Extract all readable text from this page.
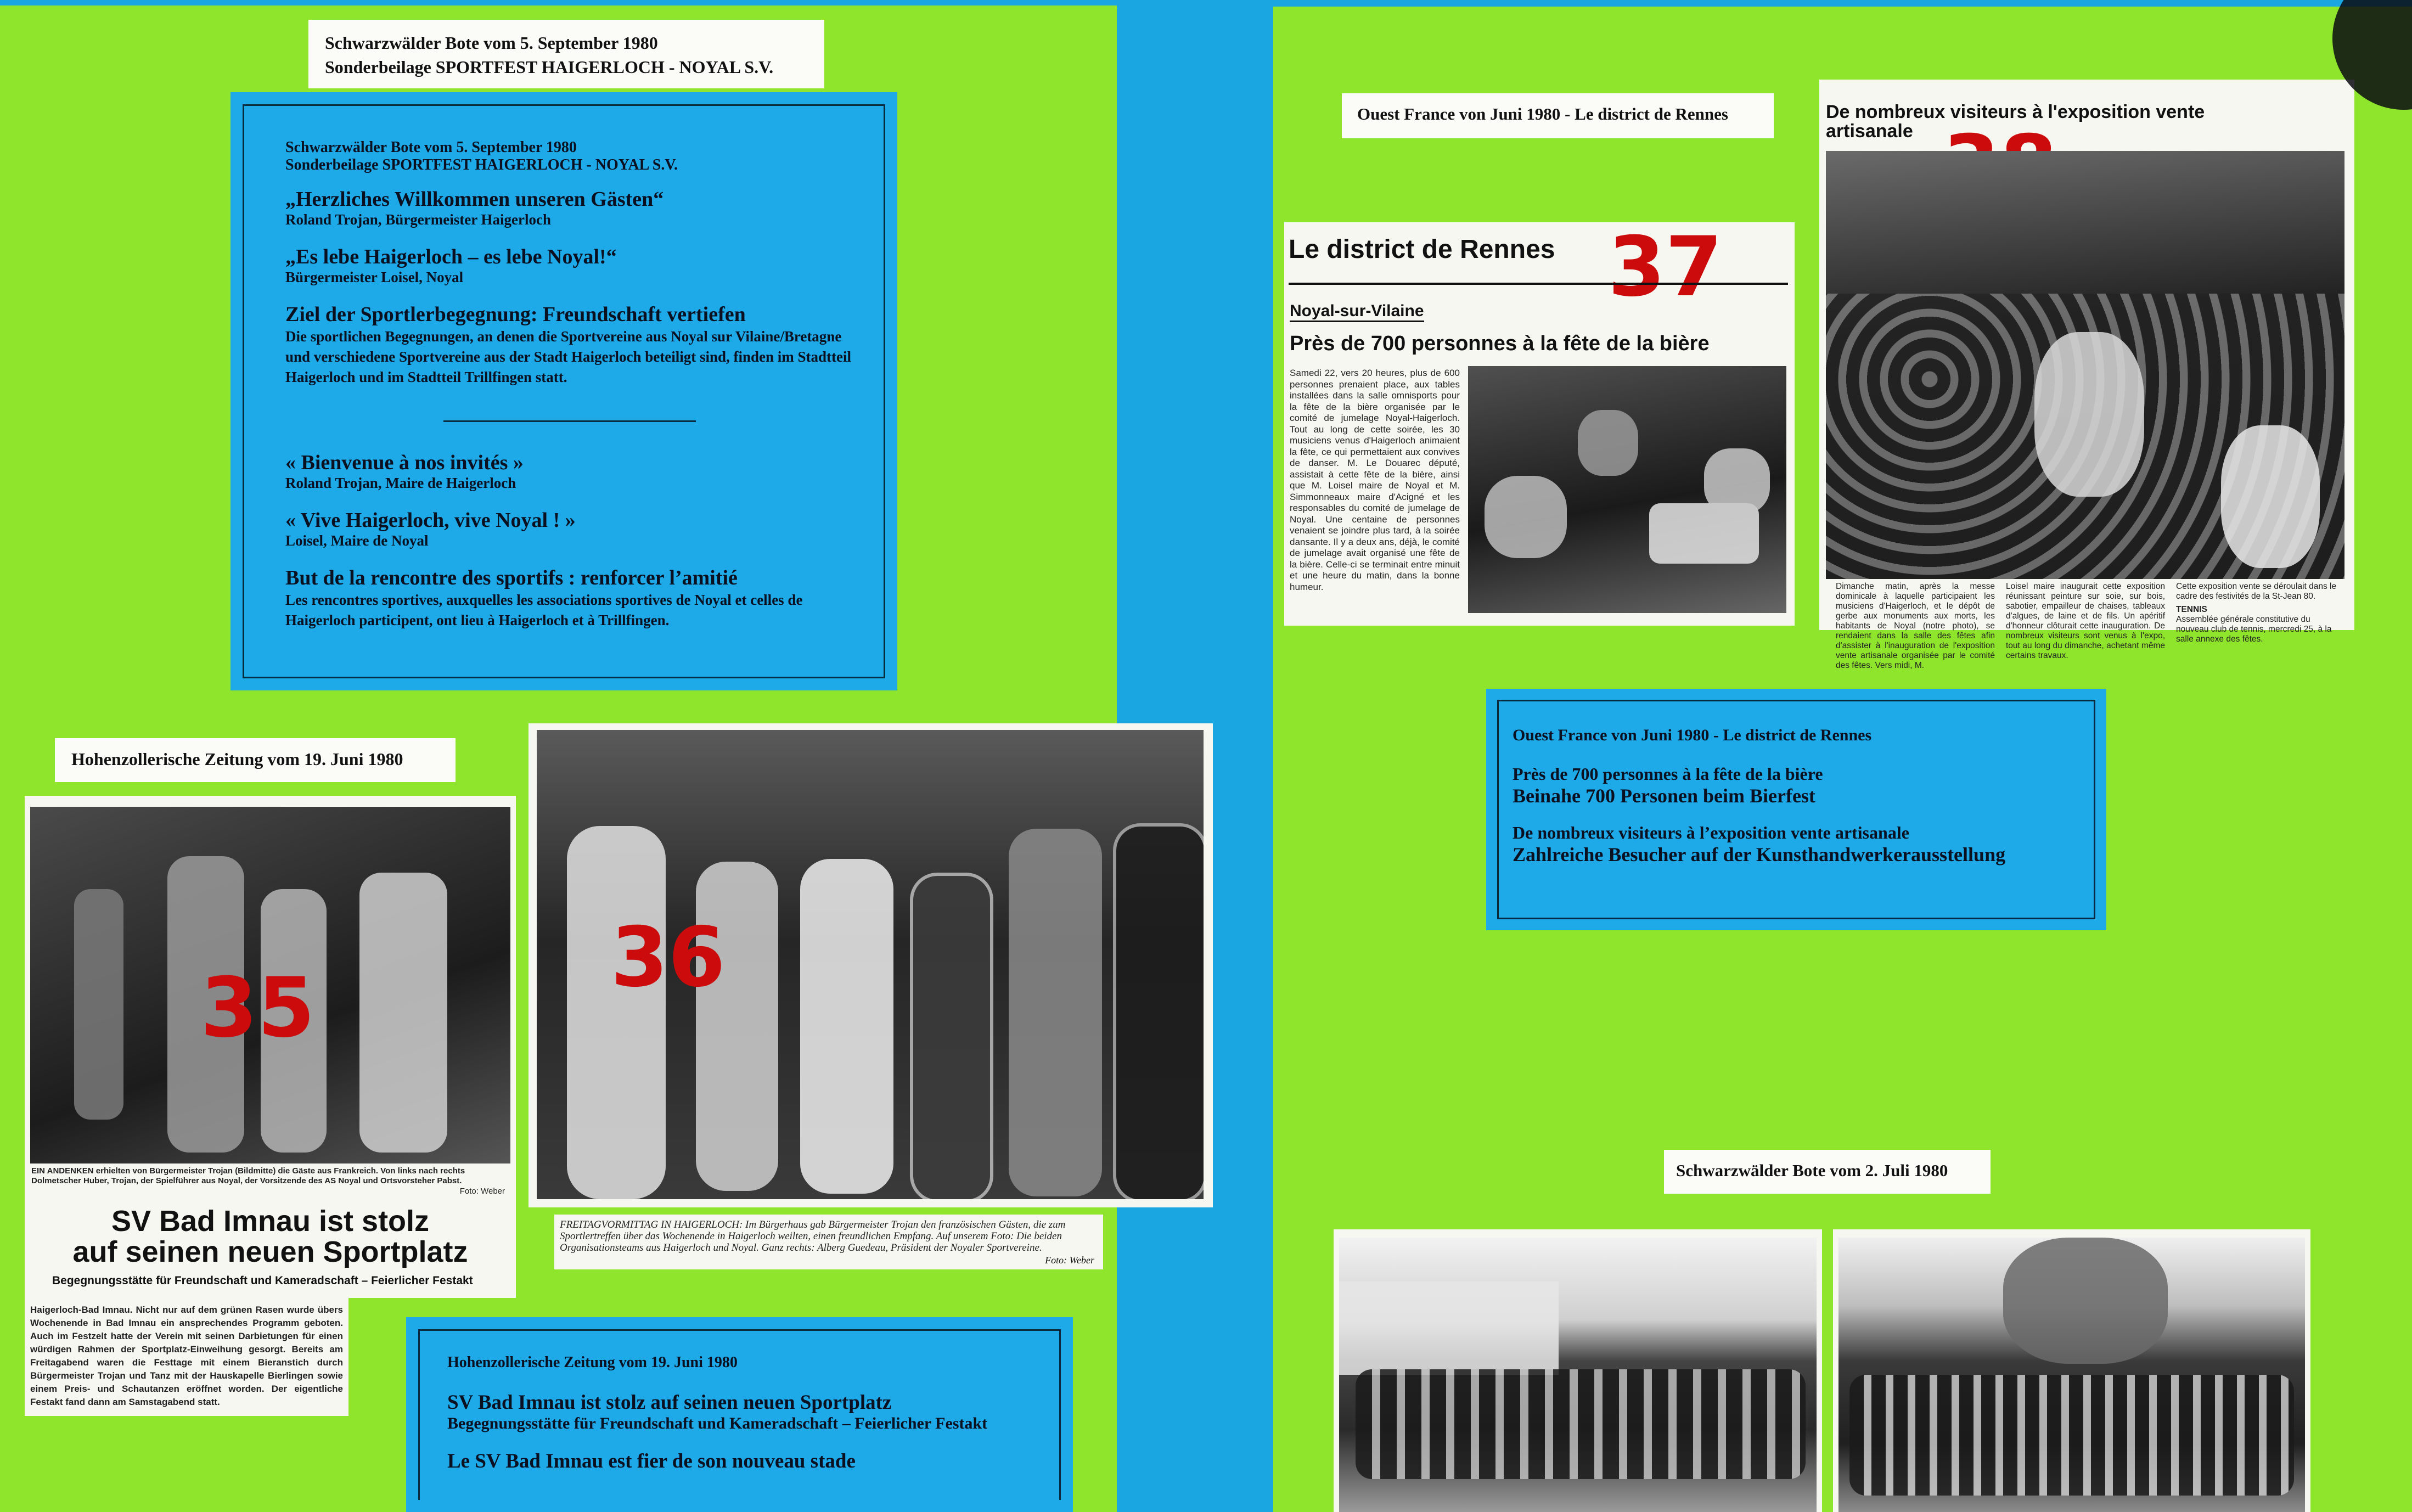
Schwarzwälder Bote vom 5. September 1980
Sonderbeilage SPORTFEST HAIGERLOCH - NOYAL S.V.
Schwarzwälder Bote vom 5. September 1980
Sonderbeilage SPORTFEST HAIGERLOCH - NOYAL S.V.
„Herzliches Willkommen unseren Gästen“
Roland Trojan, Bürgermeister Haigerloch
„Es lebe Haigerloch – es lebe Noyal!“
Bürgermeister Loisel, Noyal
Ziel der Sportlerbegegnung: Freundschaft vertiefen
Die sportlichen Begegnungen, an denen die Sportvereine aus Noyal sur Vilaine/Bretagne und verschiedene Sportvereine aus der Stadt Haigerloch beteiligt sind, finden im Stadtteil Haigerloch und im Stadtteil Trillfingen statt.
« Bienvenue à nos invités »
Roland Trojan, Maire de Haigerloch
« Vive Haigerloch, vive Noyal ! »
Loisel, Maire de Noyal
But de la rencontre des sportifs : renforcer l’amitié
Les rencontres sportives, auxquelles les associations sportives de Noyal et celles de Haigerloch participent, ont lieu à Haigerloch et à Trillfingen.
Hohenzollerische Zeitung vom 19. Juni 1980
35
EIN ANDENKEN erhielten von Bürgermeister Trojan (Bildmitte) die Gäste aus Frankreich. Von links nach rechts Dolmetscher Huber, Trojan, der Spielführer aus Noyal, der Vorsitzende des AS Noyal und Ortsvorsteher Pabst.
Foto: Weber
SV Bad Imnau ist stolz
auf seinen neuen Sportplatz
Begegnungsstätte für Freundschaft und Kameradschaft – Feierlicher Festakt
Haigerloch-Bad Imnau. Nicht nur auf dem grünen Rasen wurde übers Wochenende in Bad Imnau ein ansprechendes Programm geboten. Auch im Festzelt hatte der Verein mit seinen Darbietungen für einen würdigen Rahmen der Sportplatz-Einweihung gesorgt. Bereits am Freitagabend waren die Festtage mit einem Bieranstich durch Bürgermeister Trojan und Tanz mit der Hauskapelle Bierlingen sowie einem Preis- und Schautanzen eröffnet worden. Der eigentliche Festakt fand dann am Samstagabend statt.
36
FREITAGVORMITTAG IN HAIGERLOCH: Im Bürgerhaus gab Bürgermeister Trojan den französischen Gästen, die zum Sportlertreffen über das Wochenende in Haigerloch weilten, einen freundlichen Empfang. Auf unserem Foto: Die beiden Organisationsteams aus Haigerloch und Noyal. Ganz rechts: Alberg Guedeau, Präsident der Noyaler Sportvereine.
Foto: Weber
Hohenzollerische Zeitung vom 19. Juni 1980
SV Bad Imnau ist stolz auf seinen neuen Sportplatz
Begegnungsstätte für Freundschaft und Kameradschaft – Feierlicher Festakt
Le SV Bad Imnau est fier de son nouveau stade
Ouest France von Juni 1980 - Le district de Rennes
Le district de Rennes 37
Noyal-sur-Vilaine
Près de 700 personnes à la fête de la bière
Samedi 22, vers 20 heures, plus de 600 personnes prenaient place, aux tables installées dans la salle omnisports pour la fête de la bière organisée par le comité de jumelage Noyal-Haigerloch. Tout au long de cette soirée, les 30 musiciens venus d'Haigerloch animaient la fête, ce qui permettaient aux convives de danser. M. Le Douarec député, assistait à cette fête de la bière, ainsi que M. Loisel maire de Noyal et M. Simmonneaux maire d'Acigné et les responsables du comité de jumelage de Noyal. Une centaine de personnes venaient se joindre plus tard, à la soirée dansante. Il y a deux ans, déjà, le comité de jumelage avait organisé une fête de la bière. Celle-ci se terminait entre minuit et une heure du matin, dans la bonne humeur.
De nombreux visiteurs à l'exposition vente artisanale
Dimanche matin, après la messe dominicale à laquelle participaient les musiciens d'Haigerloch, et le dépôt de gerbe aux monuments aux morts, les habitants de Noyal (notre photo), se rendaient dans la salle des fêtes afin d'assister à l'inauguration de l'exposition vente artisanale organisée par le comité des fêtes. Vers midi, M.
Loisel maire inaugurait cette exposition réunissant peinture sur soie, sur bois, sabotier, empailleur de chaises, tableaux d'algues, de laine et de fils. Un apéritif d'honneur clôturait cette inauguration. De nombreux visiteurs sont venus à l'expo, tout au long du dimanche, achetant même certains travaux.
Cette exposition vente se déroulait dans le cadre des festivités de la St-Jean 80.
TENNIS
Assemblée générale constitutive du nouveau club de tennis, mercredi 25, à la salle annexe des fêtes.
Ouest France von Juni 1980 - Le district de Rennes
Près de 700 personnes à la fête de la bière
Beinahe 700 Personen beim Bierfest
De nombreux visiteurs à l’exposition vente artisanale
Zahlreiche Besucher auf der Kunsthandwerkerausstellung
Schwarzwälder Bote vom 2. Juli 1980
